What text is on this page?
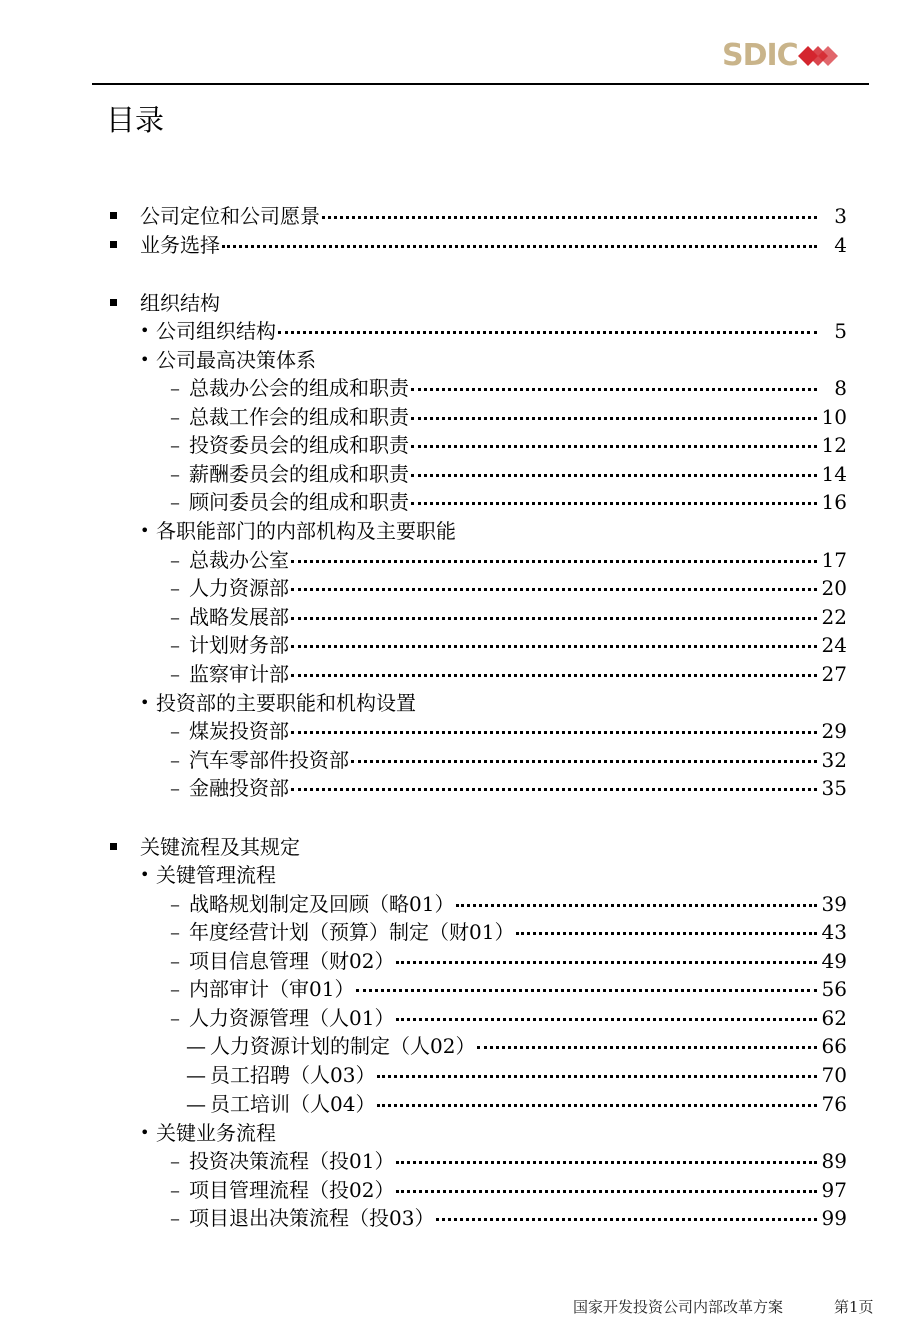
SDIC
目录
公司定位和公司愿景	3
业务选择	4
组织结构
• 公司组织结构	5
• 公司最高决策体系
– 总裁办公会的组成和职责	8
– 总裁工作会的组成和职责	10
– 投资委员会的组成和职责	12
– 薪酬委员会的组成和职责	14
– 顾问委员会的组成和职责	16
• 各职能部门的内部机构及主要职能
– 总裁办公室	17
– 人力资源部	20
– 战略发展部	22
– 计划财务部	24
– 监察审计部	27
• 投资部的主要职能和机构设置
– 煤炭投资部	29
– 汽车零部件投资部	32
– 金融投资部	35
关键流程及其规定
• 关键管理流程
– 战略规划制定及回顾（略01）	39
– 年度经营计划（预算）制定（财01）	43
– 项目信息管理（财02）	49
– 内部审计（审01）	56
– 人力资源管理（人01）	62
— 人力资源计划的制定（人02）	66
— 员工招聘（人03）	70
— 员工培训（人04）	76
• 关键业务流程
– 投资决策流程（投01）	89
– 项目管理流程（投02）	97
– 项目退出决策流程（投03）	99
国家开发投资公司内部改革方案	第1页
